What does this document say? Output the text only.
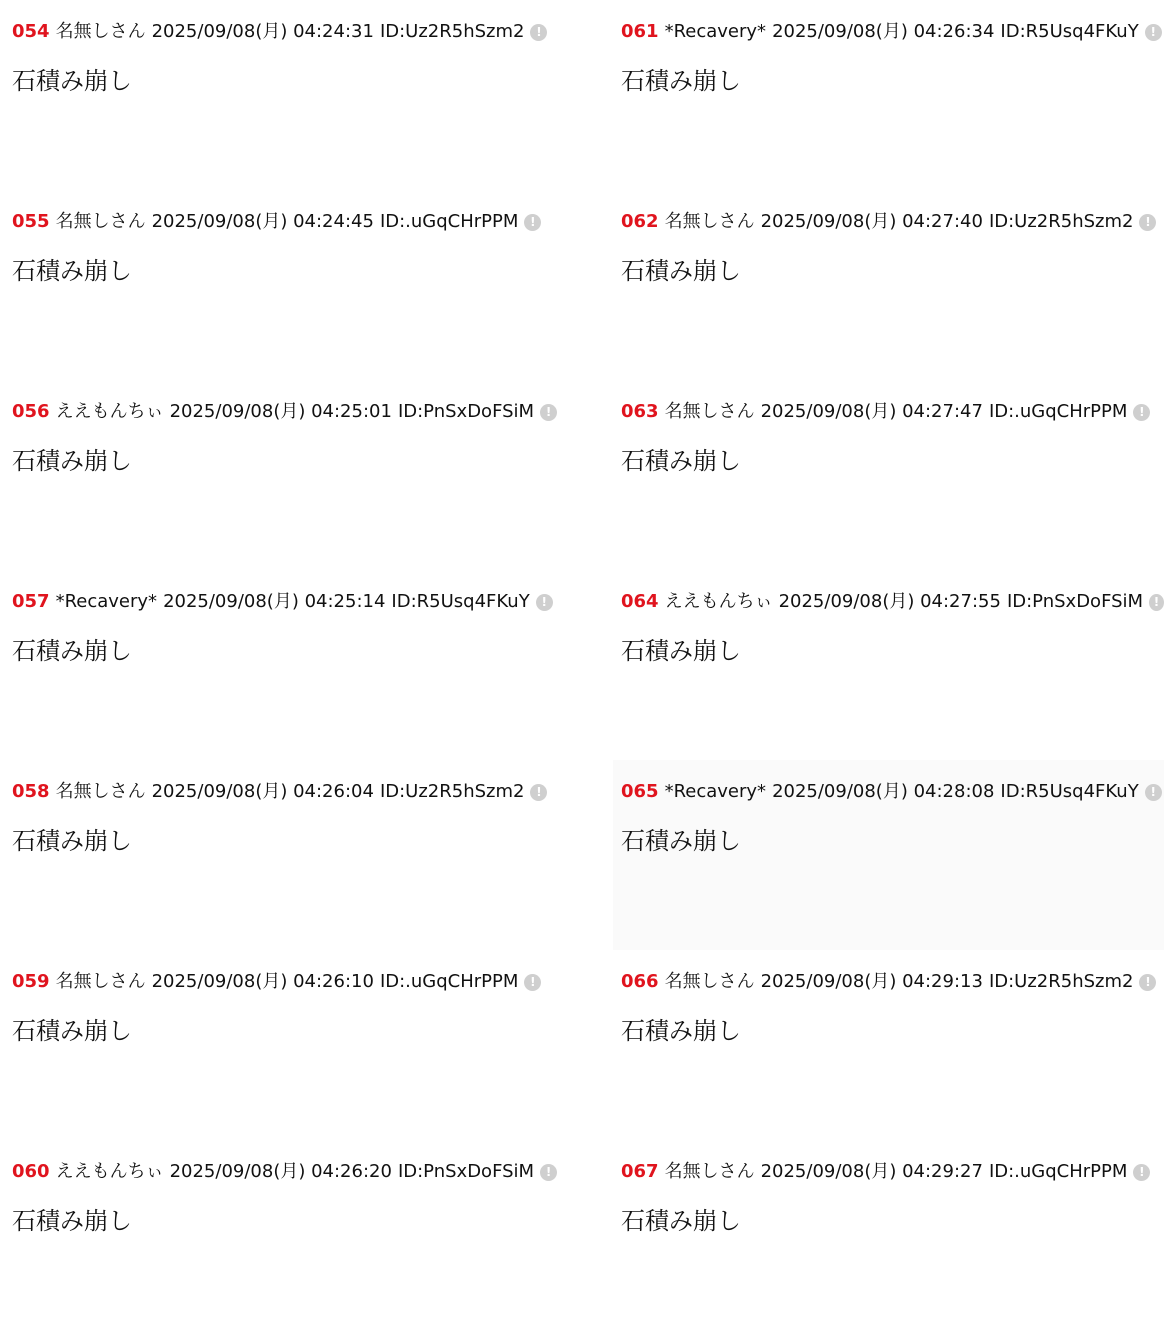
054 名無しさん 2025/09/08(月) 04:24:31 ID:Uz2R5hSzm2 !
石積み崩し
055 名無しさん 2025/09/08(月) 04:24:45 ID:.uGqCHrPPM !
石積み崩し
056 ええもんちぃ 2025/09/08(月) 04:25:01 ID:PnSxDoFSiM !
石積み崩し
057 *Recavery* 2025/09/08(月) 04:25:14 ID:R5Usq4FKuY !
石積み崩し
058 名無しさん 2025/09/08(月) 04:26:04 ID:Uz2R5hSzm2 !
石積み崩し
059 名無しさん 2025/09/08(月) 04:26:10 ID:.uGqCHrPPM !
石積み崩し
060 ええもんちぃ 2025/09/08(月) 04:26:20 ID:PnSxDoFSiM !
石積み崩し
061 *Recavery* 2025/09/08(月) 04:26:34 ID:R5Usq4FKuY !
石積み崩し
062 名無しさん 2025/09/08(月) 04:27:40 ID:Uz2R5hSzm2 !
石積み崩し
063 名無しさん 2025/09/08(月) 04:27:47 ID:.uGqCHrPPM !
石積み崩し
064 ええもんちぃ 2025/09/08(月) 04:27:55 ID:PnSxDoFSiM !
石積み崩し
065 *Recavery* 2025/09/08(月) 04:28:08 ID:R5Usq4FKuY !
石積み崩し
066 名無しさん 2025/09/08(月) 04:29:13 ID:Uz2R5hSzm2 !
石積み崩し
067 名無しさん 2025/09/08(月) 04:29:27 ID:.uGqCHrPPM !
石積み崩し
